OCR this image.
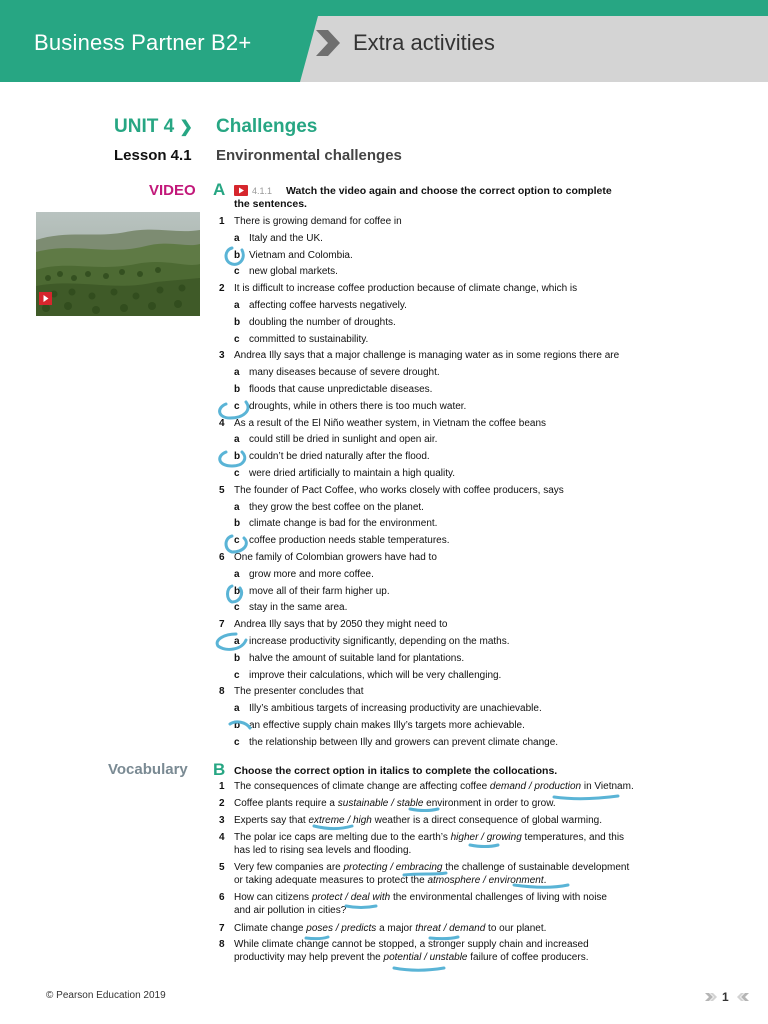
Business Partner B2+	Extra activities
UNIT 4 ❯ Challenges
Lesson 4.1 Environmental challenges
VIDEO A	4.1.1 Watch the video again and choose the correct option to complete
the sentences.
1 There is growing demand for coffee in
a Italy and the UK.
b Vietnam and Colombia.
c new global markets.
2 It is difficult to increase coffee production because of climate change, which is
a affecting coffee harvests negatively.
b doubling the number of droughts.
c committed to sustainability.
3 Andrea Illy says that a major challenge is managing water as in some regions there are
a many diseases because of severe drought.
b floods that cause unpredictable diseases.
c droughts, while in others there is too much water.
4 As a result of the El Niño weather system, in Vietnam the coffee beans
a could still be dried in sunlight and open air.
b couldn’t be dried naturally after the flood.
c were dried artificially to maintain a high quality.
5 The founder of Pact Coffee, who works closely with coffee producers, says
a they grow the best coffee on the planet.
b climate change is bad for the environment.
c coffee production needs stable temperatures.
6 One family of Colombian growers have had to
a grow more and more coffee.
b move all of their farm higher up.
c stay in the same area.
7 Andrea Illy says that by 2050 they might need to
a increase productivity significantly, depending on the maths.
b halve the amount of suitable land for plantations.
c improve their calculations, which will be very challenging.
8 The presenter concludes that
a Illy’s ambitious targets of increasing productivity are unachievable.
b an effective supply chain makes Illy’s targets more achievable.
c the relationship between Illy and growers can prevent climate change.
Vocabulary B Choose the correct option in italics to complete the collocations.
1 The consequences of climate change are affecting coffee demand / production in Vietnam.
2 Coffee plants require a sustainable / stable environment in order to grow.
3 Experts say that extreme / high weather is a direct consequence of global warming.
4 The polar ice caps are melting due to the earth’s higher / growing temperatures, and this
has led to rising sea levels and flooding.
5 Very few companies are protecting / embracing the challenge of sustainable development
or taking adequate measures to protect the atmosphere / environment.
6 How can citizens protect / deal with the environmental challenges of living with noise
and air pollution in cities?
7 Climate change poses / predicts a major threat / demand to our planet.
8 While climate change cannot be stopped, a stronger supply chain and increased
productivity may help prevent the potential / unstable failure of coffee producers.
© Pearson Education 2019	1
